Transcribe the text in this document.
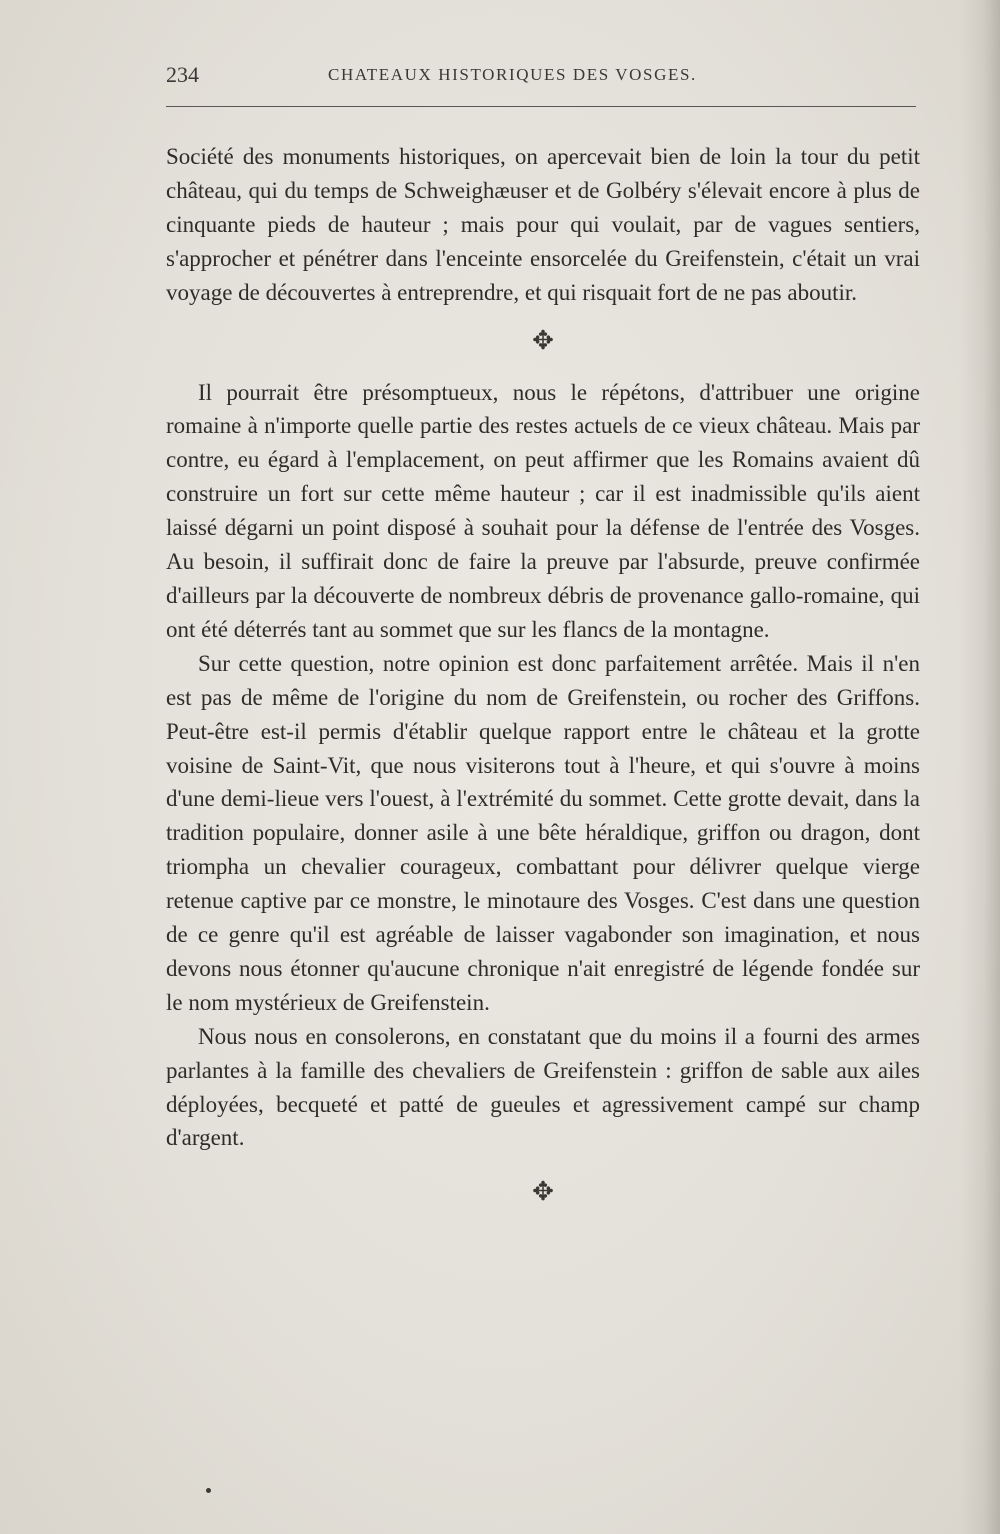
234	CHATEAUX HISTORIQUES DES VOSGES.

Société des monuments historiques, on apercevait bien de loin la tour du petit château, qui du temps de Schweighæuser et de Golbéry s'élevait encore à plus de cinquante pieds de hauteur ; mais pour qui voulait, par de vagues sentiers, s'approcher et pénétrer dans l'enceinte ensorcelée du Greifenstein, c'était un vrai voyage de découvertes à entreprendre, et qui risquait fort de ne pas aboutir.

✥

Il pourrait être présomptueux, nous le répétons, d'attribuer une origine romaine à n'importe quelle partie des restes actuels de ce vieux château. Mais par contre, eu égard à l'emplacement, on peut affirmer que les Romains avaient dû construire un fort sur cette même hauteur ; car il est inadmissible qu'ils aient laissé dégarni un point disposé à souhait pour la défense de l'entrée des Vosges. Au besoin, il suffirait donc de faire la preuve par l'absurde, preuve confirmée d'ailleurs par la découverte de nombreux débris de provenance gallo-romaine, qui ont été déterrés tant au sommet que sur les flancs de la montagne.

Sur cette question, notre opinion est donc parfaitement arrêtée. Mais il n'en est pas de même de l'origine du nom de Greifenstein, ou rocher des Griffons. Peut-être est-il permis d'établir quelque rapport entre le château et la grotte voisine de Saint-Vit, que nous visiterons tout à l'heure, et qui s'ouvre à moins d'une demi-lieue vers l'ouest, à l'extrémité du sommet. Cette grotte devait, dans la tradition populaire, donner asile à une bête héraldique, griffon ou dragon, dont triompha un chevalier courageux, combattant pour délivrer quelque vierge retenue captive par ce monstre, le minotaure des Vosges. C'est dans une question de ce genre qu'il est agréable de laisser vagabonder son imagination, et nous devons nous étonner qu'aucune chronique n'ait enregistré de légende fondée sur le nom mystérieux de Greifenstein.

Nous nous en consolerons, en constatant que du moins il a fourni des armes parlantes à la famille des chevaliers de Greifenstein : griffon de sable aux ailes déployées, becqueté et patté de gueules et agressivement campé sur champ d'argent.

✥
